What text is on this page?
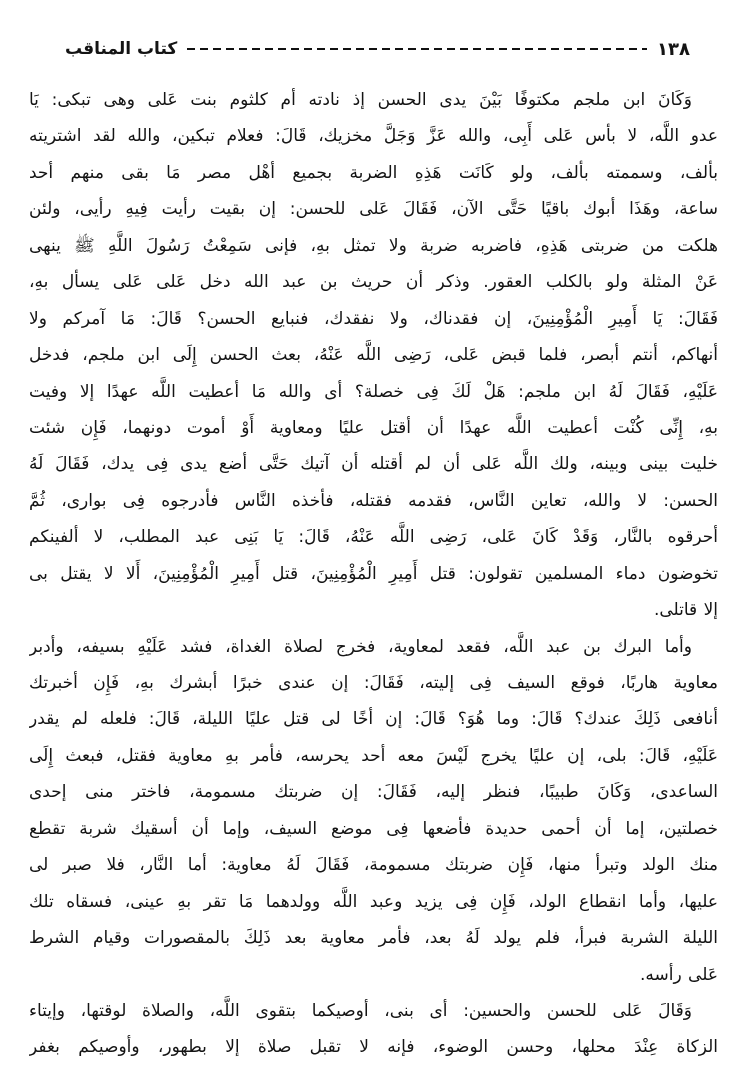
١٣٨
كتاب المناقب
وَكَانَ ابن ملجم مكتوفًا بَيْنَ يدى الحسن إذ نادته أم كلثوم بنت عَلى وهى تبكى: يَا
عدو اللَّه، لا بأس عَلى أَبِى، والله عَزَّ وَجَلَّ مخزيك، قَالَ: فعلام تبكين، والله لقد اشتريته
بألف، وسممته بألف، ولو كَانَت هَذِهِ الضربة بجميع أهْل مصر مَا بقى منهم أحد
ساعة، وهَذَا أبوك باقيًا حَتَّى الآن، فَقَالَ عَلى للحسن: إن بقيت رأيت فِيهِ رأيى، ولئن
هلكت من ضربتى هَذِهِ، فاضربه ضربة ولا تمثل بهِ، فإنى سَمِعْتُ رَسُولَ اللَّهِ ﷺ ينهى
عَنْ المثلة ولو بالكلب العقور. وذكر أن حريث بن عبد الله دخل عَلى عَلى يسأل بهِ،
فَقَالَ: يَا أَمِيرِ الْمُؤْمِنِينَ، إن فقدناك، ولا نفقدك، فنبايع الحسن؟ قَالَ: مَا آمركم ولا
أنهاكم، أنتم أبصر، فلما قبض عَلى، رَضِى اللَّه عَنْهُ، بعث الحسن إِلَى ابن ملجم، فدخل
عَلَيْهِ، فَقَالَ لَهُ ابن ملجم: هَلْ لَكَ فِى خصلة؟ أى والله مَا أعطيت اللَّه عهدًا إلا وفيت
بهِ، إِنِّى كُنْت أعطيت اللَّه عهدًا أن أقتل عليًا ومعاوية أَوْ أموت دونهما، فَإِن شئت
خليت بينى وبينه، ولك اللَّه عَلى أن لم أقتله أن آتيك حَتَّى أضع يدى فِى يدك، فَقَالَ لَهُ
الحسن: لا والله، تعاين النَّاس، فقدمه فقتله، فأخذه النَّاس فأدرجوه فِى بوارى، ثُمَّ
أحرقوه بالنَّار، وَقَدْ كَانَ عَلى، رَضِى اللَّه عَنْهُ، قَالَ: يَا بَنِى عبد المطلب، لا ألفينكم
تخوضون دماء المسلمين تقولون: قتل أَمِيرِ الْمُؤْمِنِينَ، قتل أَمِيرِ الْمُؤْمِنِينَ، أَلا لا يقتل بى
إلا قاتلى.
وأما البرك بن عبد اللَّه، فقعد لمعاوية، فخرج لصلاة الغداة، فشد عَلَيْهِ بسيفه، وأدبر
معاوية هاربًا، فوقع السيف فِى إليته، فَقَالَ: إن عندى خبرًا أبشرك بهِ، فَإِن أخبرتك
أنافعى ذَلِكَ عندك؟ قَالَ: وما هُوَ؟ قَالَ: إن أخًا لى قتل عليًا الليلة، قَالَ: فلعله لم يقدر
عَلَيْهِ، قَالَ: بلى، إن عليًا يخرج لَيْسَ معه أحد يحرسه، فأمر بهِ معاوية فقتل، فبعث إِلَى
الساعدى، وَكَانَ طبيبًا، فنظر إليه، فَقَالَ: إن ضربتك مسمومة، فاختر منى إحدى
خصلتين، إما أن أحمى حديدة فأضعها فِى موضع السيف، وإما أن أسقيك شربة تقطع
منك الولد وتبرأ منها، فَإِن ضربتك مسمومة، فَقَالَ لَهُ معاوية: أما النَّار، فلا صبر لى
عليها، وأما انقطاع الولد، فَإِن فِى يزيد وعبد اللَّه وولدهما مَا تقر بهِ عينى، فسقاه تلك
الليلة الشربة فبرأ، فلم يولد لَهُ بعد، فأمر معاوية بعد ذَلِكَ بالمقصورات وقيام الشرط
عَلى رأسه.
وَقَالَ عَلى للحسن والحسين: أى بنى، أوصيكما بتقوى اللَّه، والصلاة لوقتها، وإيتاء
الزكاة عِنْدَ محلها، وحسن الوضوء، فإنه لا تقبل صلاة إلا بطهور، وأوصيكم بغفر
